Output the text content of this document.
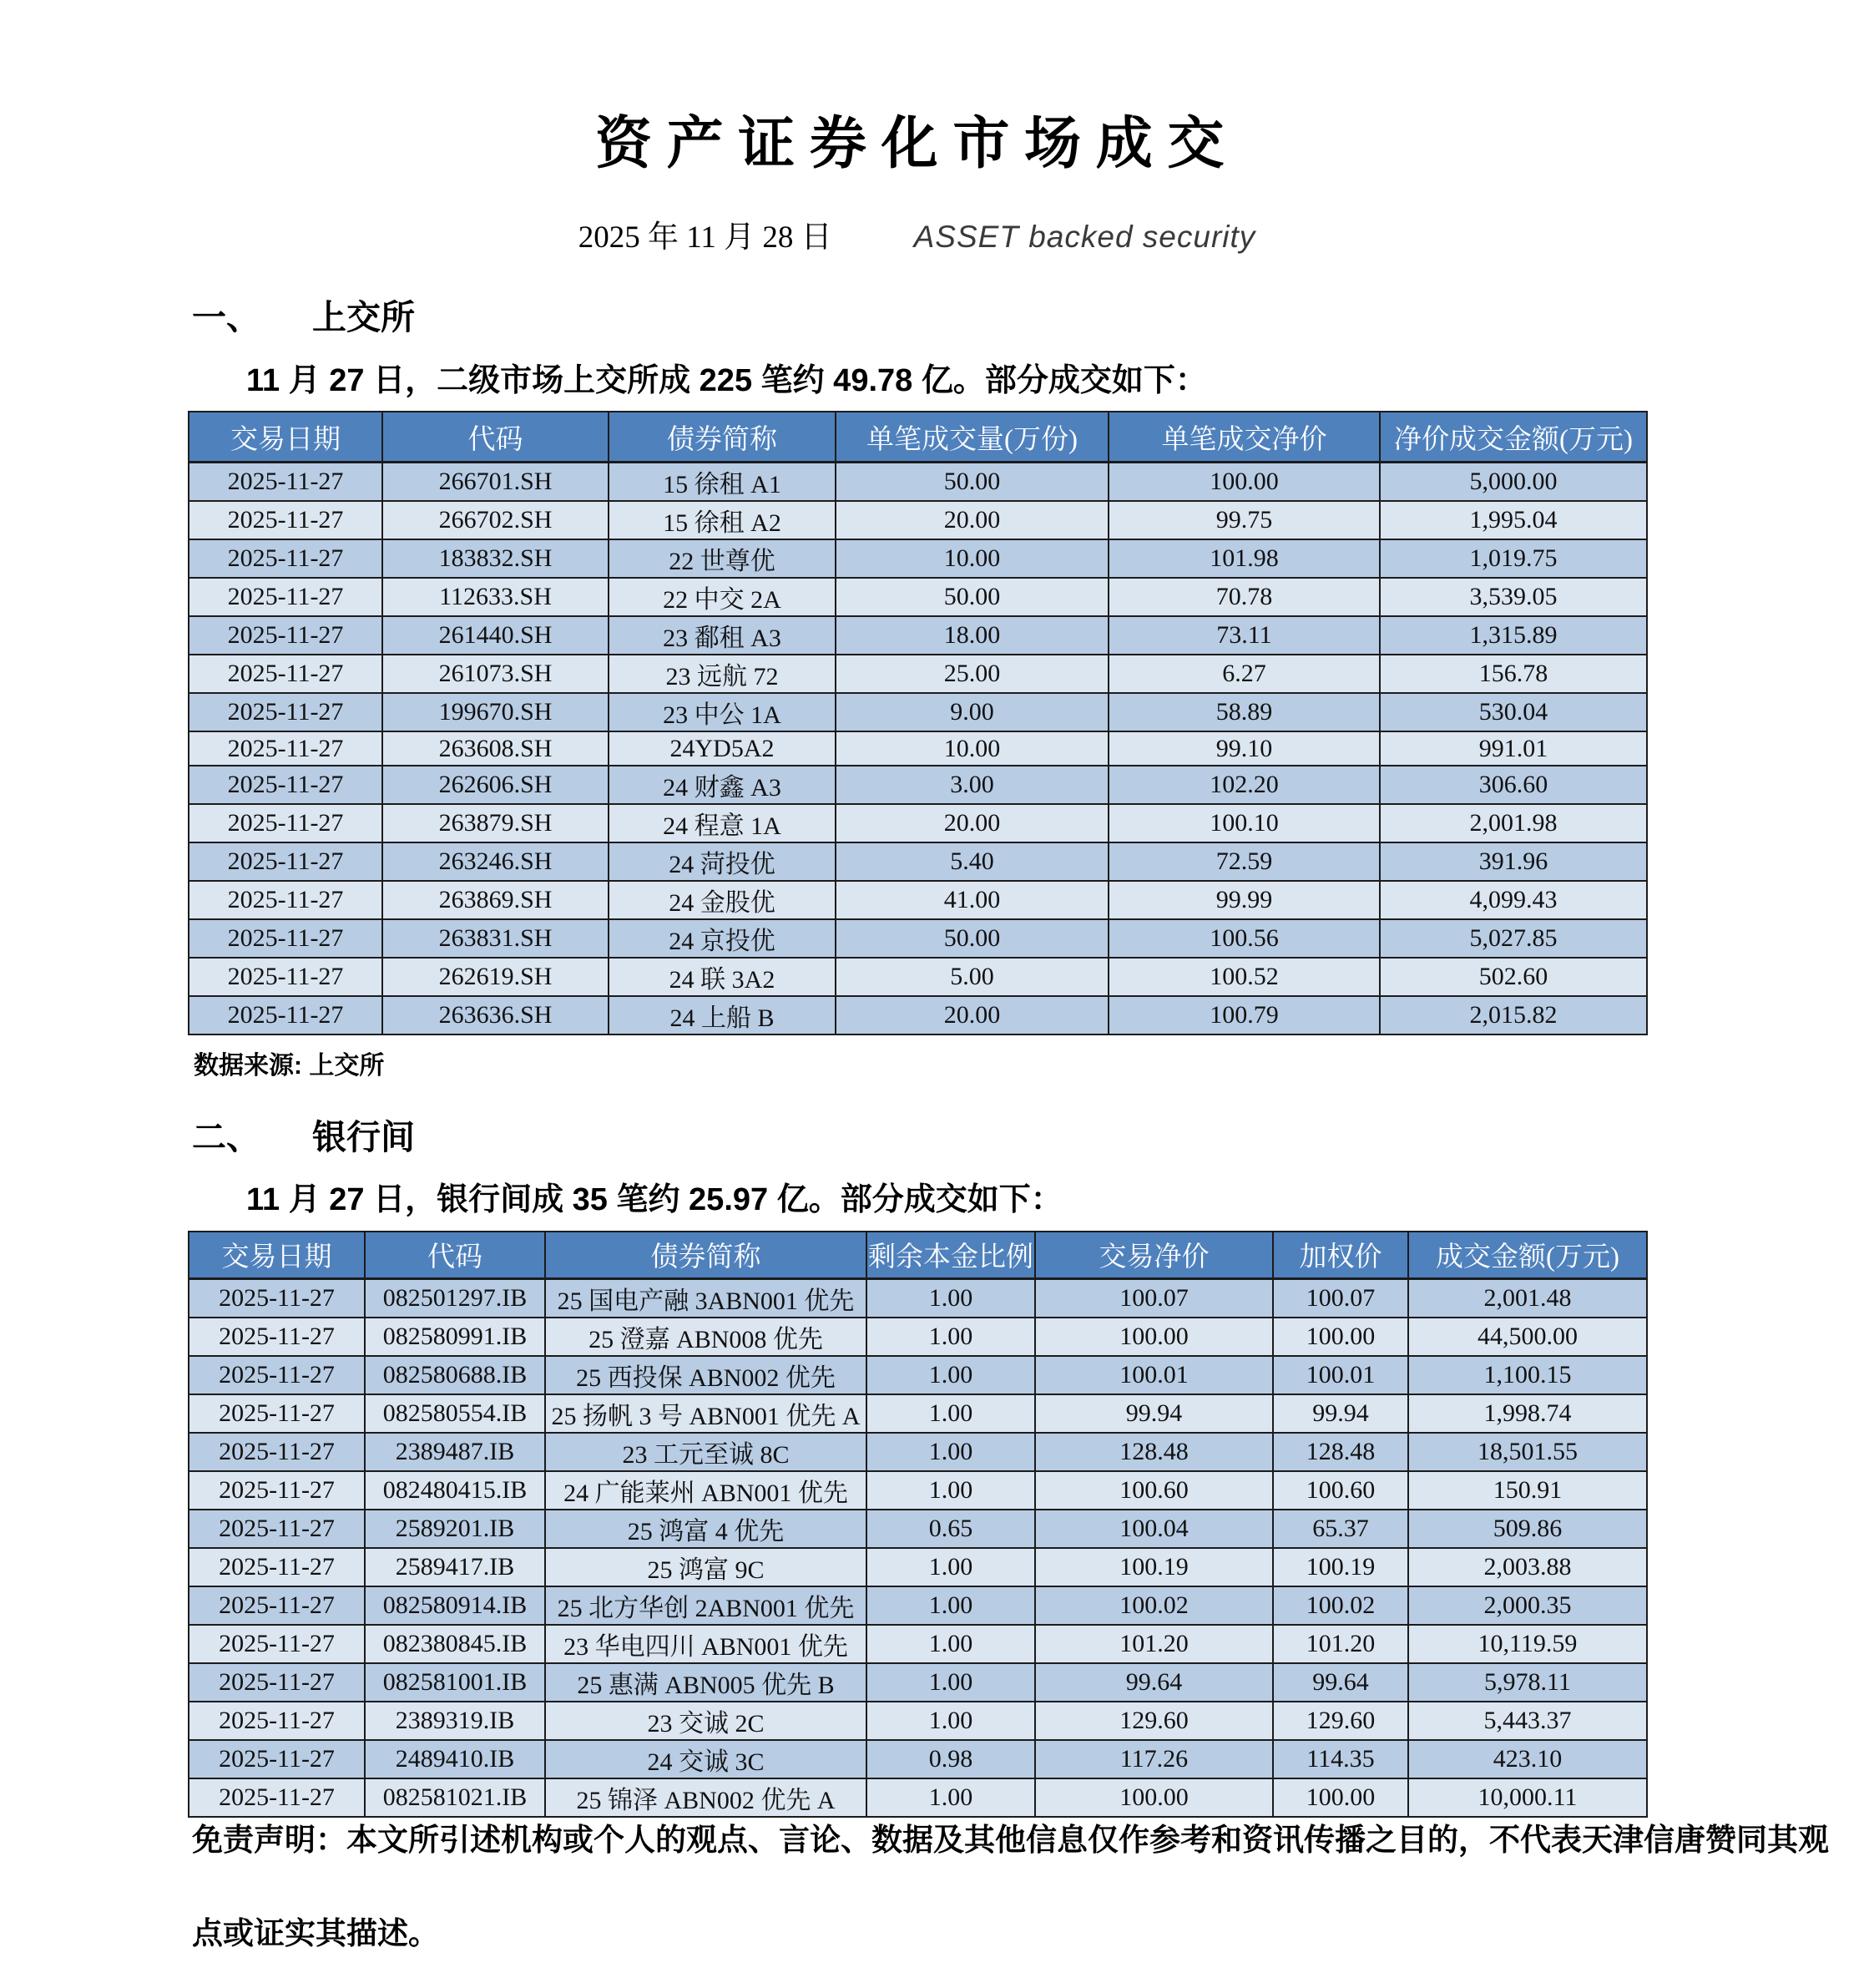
资产证券化市场成交
2025 年 11 月 28 日	ASSET backed security
一、 上交所

11 月 27 日，二级市场上交所成 225 笔约 49.78 亿。部分成交如下：

交易日期	代码	债券简称	单笔成交量(万份)	单笔成交净价	净价成交金额(万元)
2025-11-27	266701.SH	15 徐租 A1	50.00	100.00	5,000.00
2025-11-27	266702.SH	15 徐租 A2	20.00	99.75	1,995.04
2025-11-27	183832.SH	22 世尊优	10.00	101.98	1,019.75
2025-11-27	112633.SH	22 中交 2A	50.00	70.78	3,539.05
2025-11-27	261440.SH	23 鄱租 A3	18.00	73.11	1,315.89
2025-11-27	261073.SH	23 远航 72	25.00	6.27	156.78
2025-11-27	199670.SH	23 中公 1A	9.00	58.89	530.04
2025-11-27	263608.SH	24YD5A2	10.00	99.10	991.01
2025-11-27	262606.SH	24 财鑫 A3	3.00	102.20	306.60
2025-11-27	263879.SH	24 程意 1A	20.00	100.10	2,001.98
2025-11-27	263246.SH	24 菏投优	5.40	72.59	391.96
2025-11-27	263869.SH	24 金股优	41.00	99.99	4,099.43
2025-11-27	263831.SH	24 京投优	50.00	100.56	5,027.85
2025-11-27	262619.SH	24 联 3A2	5.00	100.52	502.60
2025-11-27	263636.SH	24 上船 B	20.00	100.79	2,015.82
数据来源: 上交所
二、 银行间

11 月 27 日，银行间成 35 笔约 25.97 亿。部分成交如下：

交易日期	代码	债券简称	剩余本金比例	交易净价	加权价	成交金额(万元)
2025-11-27	082501297.IB	25 国电产融 3ABN001 优先	1.00	100.07	100.07	2,001.48
2025-11-27	082580991.IB	25 澄嘉 ABN008 优先	1.00	100.00	100.00	44,500.00
2025-11-27	082580688.IB	25 西投保 ABN002 优先	1.00	100.01	100.01	1,100.15
2025-11-27	082580554.IB	25 扬帆 3 号 ABN001 优先 A	1.00	99.94	99.94	1,998.74
2025-11-27	2389487.IB	23 工元至诚 8C	1.00	128.48	128.48	18,501.55
2025-11-27	082480415.IB	24 广能莱州 ABN001 优先	1.00	100.60	100.60	150.91
2025-11-27	2589201.IB	25 鸿富 4 优先	0.65	100.04	65.37	509.86
2025-11-27	2589417.IB	25 鸿富 9C	1.00	100.19	100.19	2,003.88
2025-11-27	082580914.IB	25 北方华创 2ABN001 优先	1.00	100.02	100.02	2,000.35
2025-11-27	082380845.IB	23 华电四川 ABN001 优先	1.00	101.20	101.20	10,119.59
2025-11-27	082581001.IB	25 惠满 ABN005 优先 B	1.00	99.64	99.64	5,978.11
2025-11-27	2389319.IB	23 交诚 2C	1.00	129.60	129.60	5,443.37
2025-11-27	2489410.IB	24 交诚 3C	0.98	117.26	114.35	423.10
2025-11-27	082581021.IB	25 锦泽 ABN002 优先 A	1.00	100.00	100.00	10,000.11
免责声明：本文所引述机构或个人的观点、言论、数据及其他信息仅作参考和资讯传播之目的，不代表天津信唐赞同其观
点或证实其描述。
